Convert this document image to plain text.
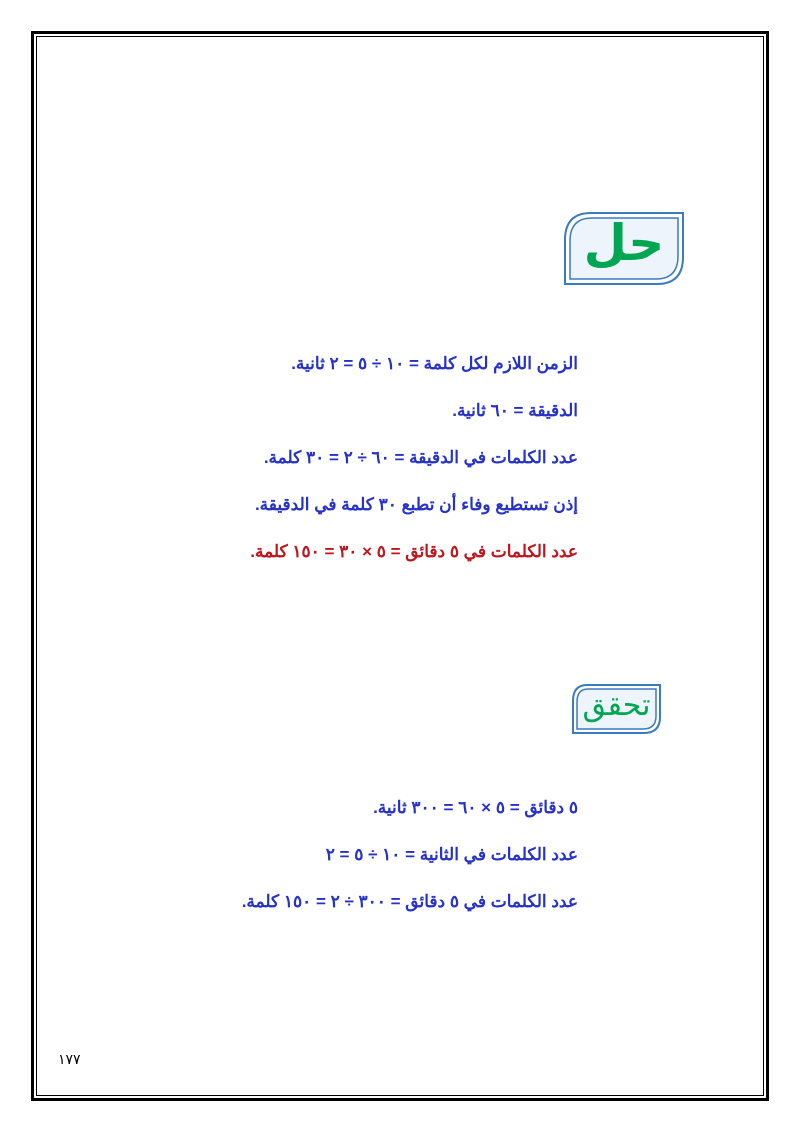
حل
الزمن اللازم لكل كلمة = ١٠ ÷ ٥ = ٢ ثانية.
الدقيقة = ٦٠ ثانية.
عدد الكلمات في الدقيقة = ٦٠ ÷ ٢ = ٣٠ كلمة.
إذن تستطيع وفاء أن تطبع ٣٠ كلمة في الدقيقة.
عدد الكلمات في ٥ دقائق = ٥ × ٣٠ = ١٥٠ كلمة.
تحقق
٥ دقائق = ٥ × ٦٠ = ٣٠٠ ثانية.
عدد الكلمات في الثانية = ١٠ ÷ ٥ = ٢
عدد الكلمات في ٥ دقائق = ٣٠٠ ÷ ٢ = ١٥٠ كلمة.
١٧٧
